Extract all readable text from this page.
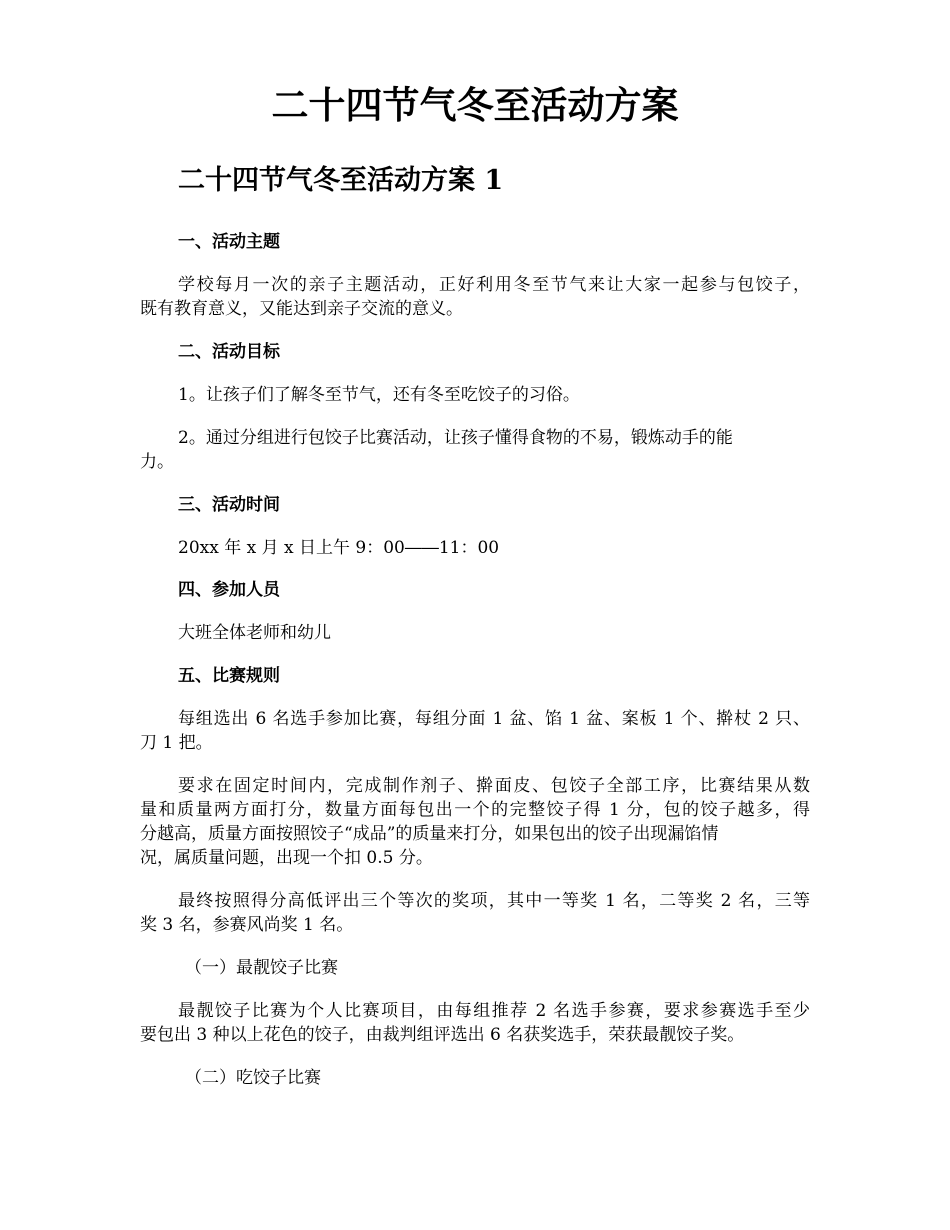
二十四节气冬至活动方案
二十四节气冬至活动方案 1

一、活动主题

学校每月一次的亲子主题活动，正好利用冬至节气来让大家一起参与包饺子，

既有教育意义，又能达到亲子交流的意义。

二、活动目标

1。让孩子们了解冬至节气，还有冬至吃饺子的习俗。

2。通过分组进行包饺子比赛活动，让孩子懂得食物的不易，锻炼动手的能

力。

三、活动时间

20xx 年 x 月 x 日上午 9：00――11：00

四、参加人员

大班全体老师和幼儿

五、比赛规则

每组选出 6 名选手参加比赛，每组分面 1 盆、馅 1 盆、案板 1 个、擀杖 2 只、

刀 1 把。

要求在固定时间内，完成制作剂子、擀面皮、包饺子全部工序，比赛结果从数

量和质量两方面打分，数量方面每包出一个的完整饺子得 1 分，包的饺子越多，得

分越高，质量方面按照饺子“成品”的质量来打分，如果包出的饺子出现漏馅情

况，属质量问题，出现一个扣 0.5 分。

最终按照得分高低评出三个等次的奖项，其中一等奖 1 名，二等奖 2 名，三等

奖 3 名，参赛风尚奖 1 名。

（一）最靓饺子比赛

最靓饺子比赛为个人比赛项目，由每组推荐 2 名选手参赛，要求参赛选手至少

要包出 3 种以上花色的饺子，由裁判组评选出 6 名获奖选手，荣获最靓饺子奖。

（二）吃饺子比赛
